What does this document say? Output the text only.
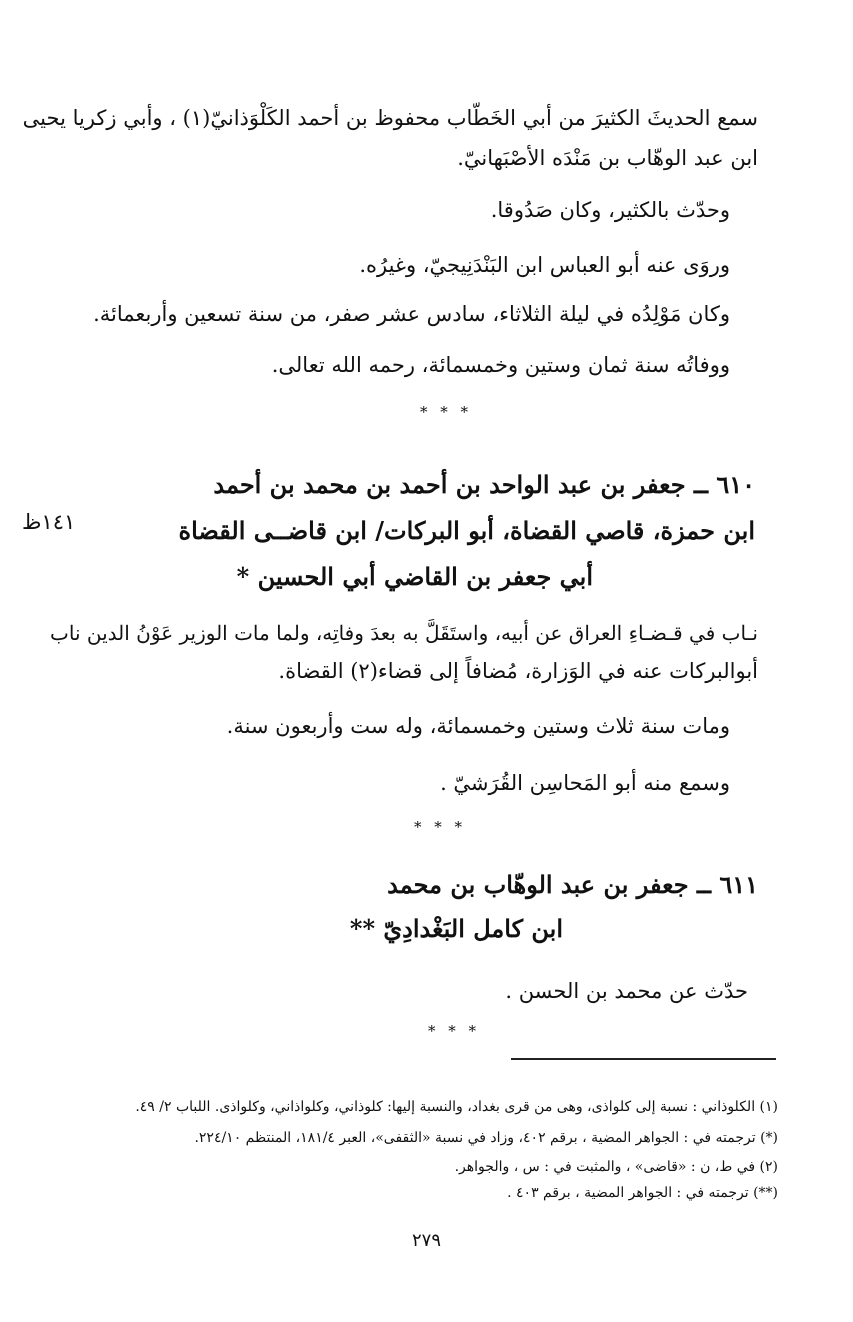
سمع الحديثَ الكثيرَ من أبي الخَطّاب محفوظ بن أحمد الكَلْوَذانيّ(١) ، وأبي زكريا يحيى
ابن عبد الوهّاب بن مَنْدَه الأصْبَهانيّ.
وحدّث بالكثير، وكان صَدُوقا.
وروَى عنه أبو العباس ابن البَنْدَنِيجيّ، وغيرُه.
وكان مَوْلِدُه في ليلة الثلاثاء، سادس عشر صفر، من سنة تسعين وأربعمائة.
ووفاتُه سنة ثمان وستين وخمسمائة، رحمه الله تعالى.
* * *
٦١٠ ــ جعفر بن عبد الواحد بن أحمد بن محمد بن أحمد
ابن حمزة، قاصي القضاة، أبو البركات/ ابن قاضــى القضاة
أبي جعفر بن القاضي أبي الحسين *
١٤١ظ
نـاب في قـضـاءِ العراق عن أبيه، واستَقَلَّ به بعدَ وفاتِه، ولما مات الوزير عَوْنُ الدين ناب
أبوالبركات عنه في الوَزارة، مُضافاً إلى قضاء(٢) القضاة.
ومات سنة ثلاث وستين وخمسمائة، وله ست وأربعون سنة.
وسمع منه أبو المَحاسِن القُرَشيّ .
* * *
٦١١ ــ جعفر بن عبد الوهّاب بن محمد
ابن كامل البَغْدادِيّ **
حدّث عن محمد بن الحسن .
* * *
(١) الكلوذاني : نسبة إلى كلواذى، وهى من قرى بغداد، والنسبة إليها: كلوذاني، وكلواذاني، وكلواذى. اللباب ٢/ ٤٩.
(*) ترجمته في : الجواهر المضية ، برقم ٤٠٢، وزاد في نسبة «الثقفى»، العبر ١٨١/٤، المنتظم ٢٢٤/١٠.
(٢) في ط، ن : «قاضى» ، والمثبت في : س ، والجواهر.
(**) ترجمته في : الجواهر المضية ، برقم ٤٠٣ .
٢٧٩
